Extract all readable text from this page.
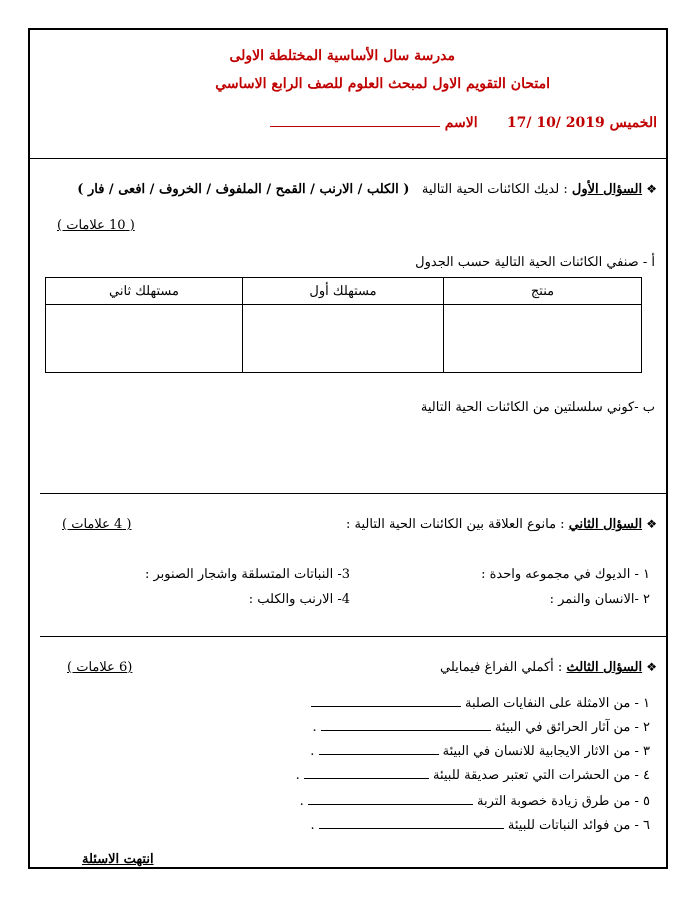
مدرسة سال الأساسية المختلطة الاولى
امتحان التقويم الاول لمبحث العلوم للصف الرابع الاساسي
الخميس 17/ 10/ 2019      الاسم
❖ السؤال الأول : لديك الكائنات الحية التالية   ( الكلب / الارنب / القمح / الملفوف / الخروف / افعى / فار )
( 10 علامات )
أ - صنفي الكائنات الحية التالية حسب الجدول
منتج	مستهلك أول	مستهلك ثاني

ب -كوني سلسلتين من الكائنات الحية التالية
❖ السؤال الثاني : مانوع العلاقة بين الكائنات الحية التالية :
( 4 علامات )
١ - الديوك في مجموعه واحدة :
3- النباتات المتسلقة واشجار الصنوبر :
٢ -الانسان والنمر :
4- الارنب والكلب :
❖ السؤال الثالث : أكملي الفراغ فيمايلي
(6 علامات )
١ - من الامثلة على النفايات الصلبة
٢ - من آثار الحرائق في البيئة  .
٣ - من الاثار الايجابية للانسان في البيئة  .
٤ - من الحشرات التي تعتبر صديقة للبيئة  .
٥ - من طرق زيادة خصوبة التربة  .
٦ - من فوائد النباتات للبيئة  .
انتهت الاسئلة
